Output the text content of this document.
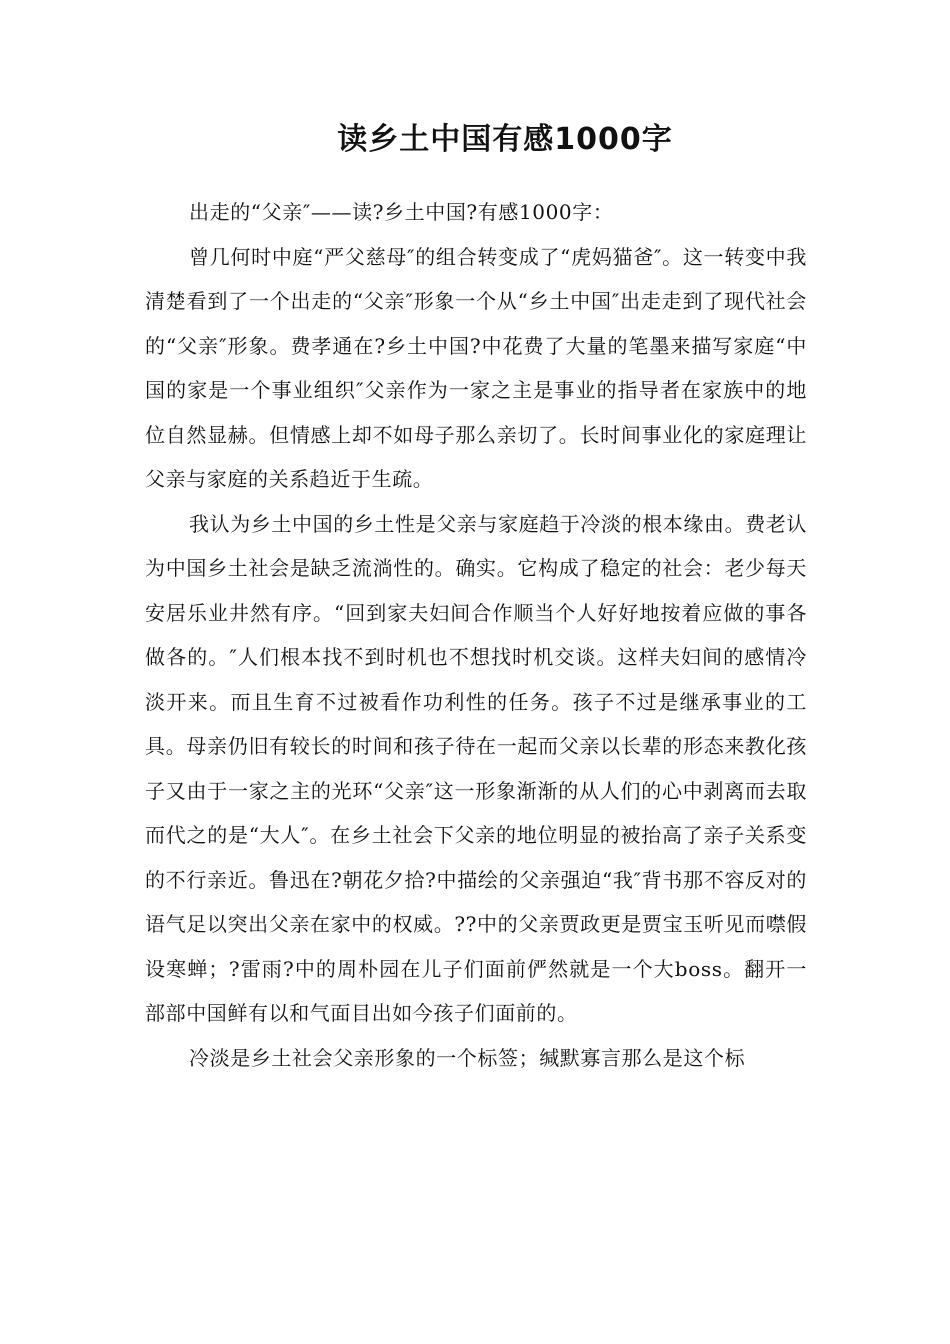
读乡土中国有感1000字

出走的“父亲″——读?乡土中国?有感1000字：

曾几何时中庭“严父慈母″的组合转变成了“虎妈猫爸″。这一转变中我清楚看到了一个出走的“父亲″形象一个从“乡土中国″出走走到了现代社会的“父亲″形象。费孝通在?乡土中国?中花费了大量的笔墨来描写家庭“中国的家是一个事业组织″父亲作为一家之主是事业的指导者在家族中的地位自然显赫。但情感上却不如母子那么亲切了。长时间事业化的家庭理让父亲与家庭的关系趋近于生疏。

我认为乡土中国的乡土性是父亲与家庭趋于冷淡的根本缘由。费老认为中国乡土社会是缺乏流淌性的。确实。它构成了稳定的社会：老少每天安居乐业井然有序。“回到家夫妇间合作顺当个人好好地按着应做的事各做各的。″人们根本找不到时机也不想找时机交谈。这样夫妇间的感情冷淡开来。而且生育不过被看作功利性的任务。孩子不过是继承事业的工具。母亲仍旧有较长的时间和孩子待在一起而父亲以长辈的形态来教化孩子又由于一家之主的光环“父亲″这一形象渐渐的从人们的心中剥离而去取而代之的是“大人″。在乡土社会下父亲的地位明显的被抬高了亲子关系变的不行亲近。鲁迅在?朝花夕拾?中描绘的父亲强迫“我″背书那不容反对的语气足以突出父亲在家中的权威。??中的父亲贾政更是贾宝玉听见而噤假设寒蝉；?雷雨?中的周朴园在儿子们面前俨然就是一个大boss。翻开一部部中国鲜有以和气面目出如今孩子们面前的。

冷淡是乡土社会父亲形象的一个标签；缄默寡言那么是这个标
